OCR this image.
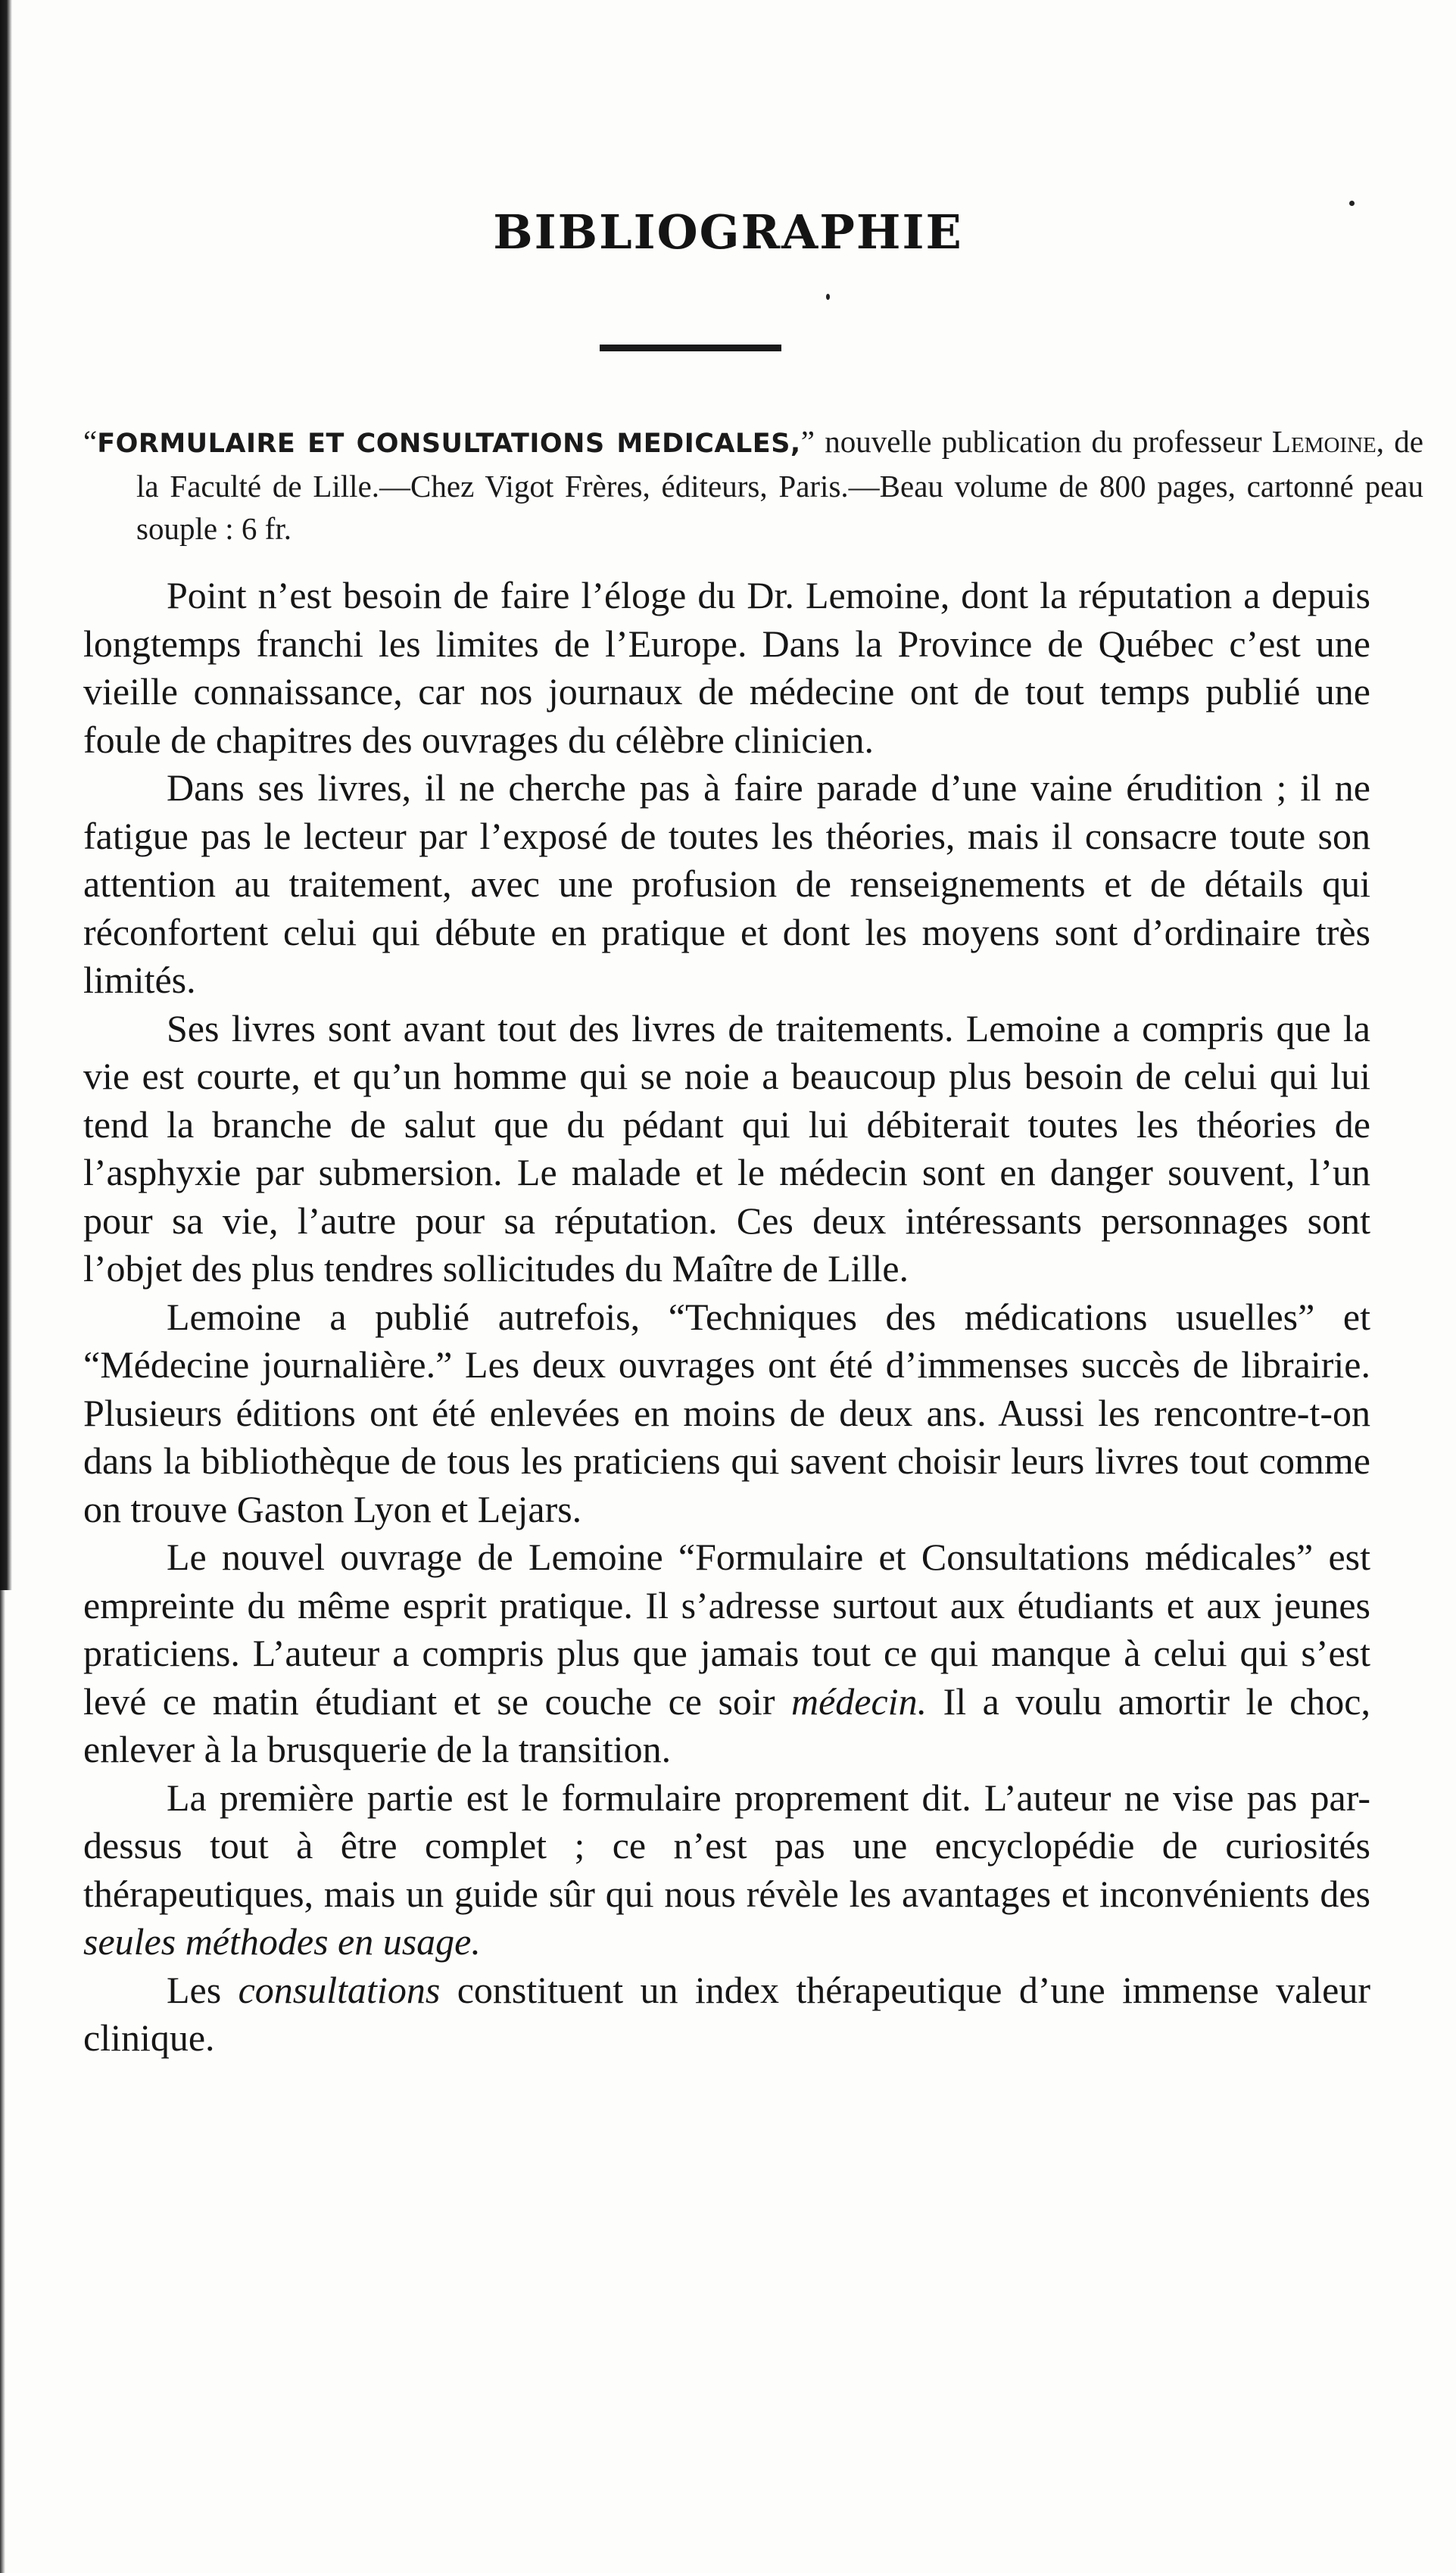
BIBLIOGRAPHIE

“FORMULAIRE ET CONSULTATIONS MEDICALES,” nouvelle publication du professeur Lemoine, de la Faculté de Lille.—Chez Vigot Frères, éditeurs, Paris.—Beau volume de 800 pages, cartonné peau souple : 6 fr.

Point n’est besoin de faire l’éloge du Dr. Lemoine, dont la réputation a depuis longtemps franchi les limites de l’Europe. Dans la Province de Québec c’est une vieille connaissance, car nos journaux de médecine ont de tout temps publié une foule de chapitres des ouvrages du célèbre clinicien.

Dans ses livres, il ne cherche pas à faire parade d’une vaine érudition ; il ne fatigue pas le lecteur par l’exposé de toutes les théories, mais il consacre toute son attention au traitement, avec une profusion de renseignements et de détails qui réconfortent celui qui débute en pratique et dont les moyens sont d’ordinaire très limités.

Ses livres sont avant tout des livres de traitements. Lemoine a compris que la vie est courte, et qu’un homme qui se noie a beaucoup plus besoin de celui qui lui tend la branche de salut que du pédant qui lui débiterait toutes les théories de l’asphyxie par submersion. Le malade et le médecin sont en danger souvent, l’un pour sa vie, l’autre pour sa réputation. Ces deux intéressants personnages sont l’objet des plus tendres sollicitudes du Maître de Lille.

Lemoine a publié autrefois, “Techniques des médications usuelles” et “Médecine journalière.” Les deux ouvrages ont été d’immenses succès de librairie. Plusieurs éditions ont été enlevées en moins de deux ans. Aussi les rencontre-t-on dans la bibliothèque de tous les praticiens qui savent choisir leurs livres tout comme on trouve Gaston Lyon et Lejars.

Le nouvel ouvrage de Lemoine “Formulaire et Consultations médicales” est empreinte du même esprit pratique. Il s’adresse surtout aux étudiants et aux jeunes praticiens. L’auteur a compris plus que jamais tout ce qui manque à celui qui s’est levé ce matin étudiant et se couche ce soir médecin. Il a voulu amortir le choc, enlever à la brusquerie de la transition.

La première partie est le formulaire proprement dit. L’auteur ne vise pas par-dessus tout à être complet ; ce n’est pas une encyclopédie de curiosités thérapeutiques, mais un guide sûr qui nous révèle les avantages et inconvénients des seules méthodes en usage.

Les consultations constituent un index thérapeutique d’une immense valeur clinique.
